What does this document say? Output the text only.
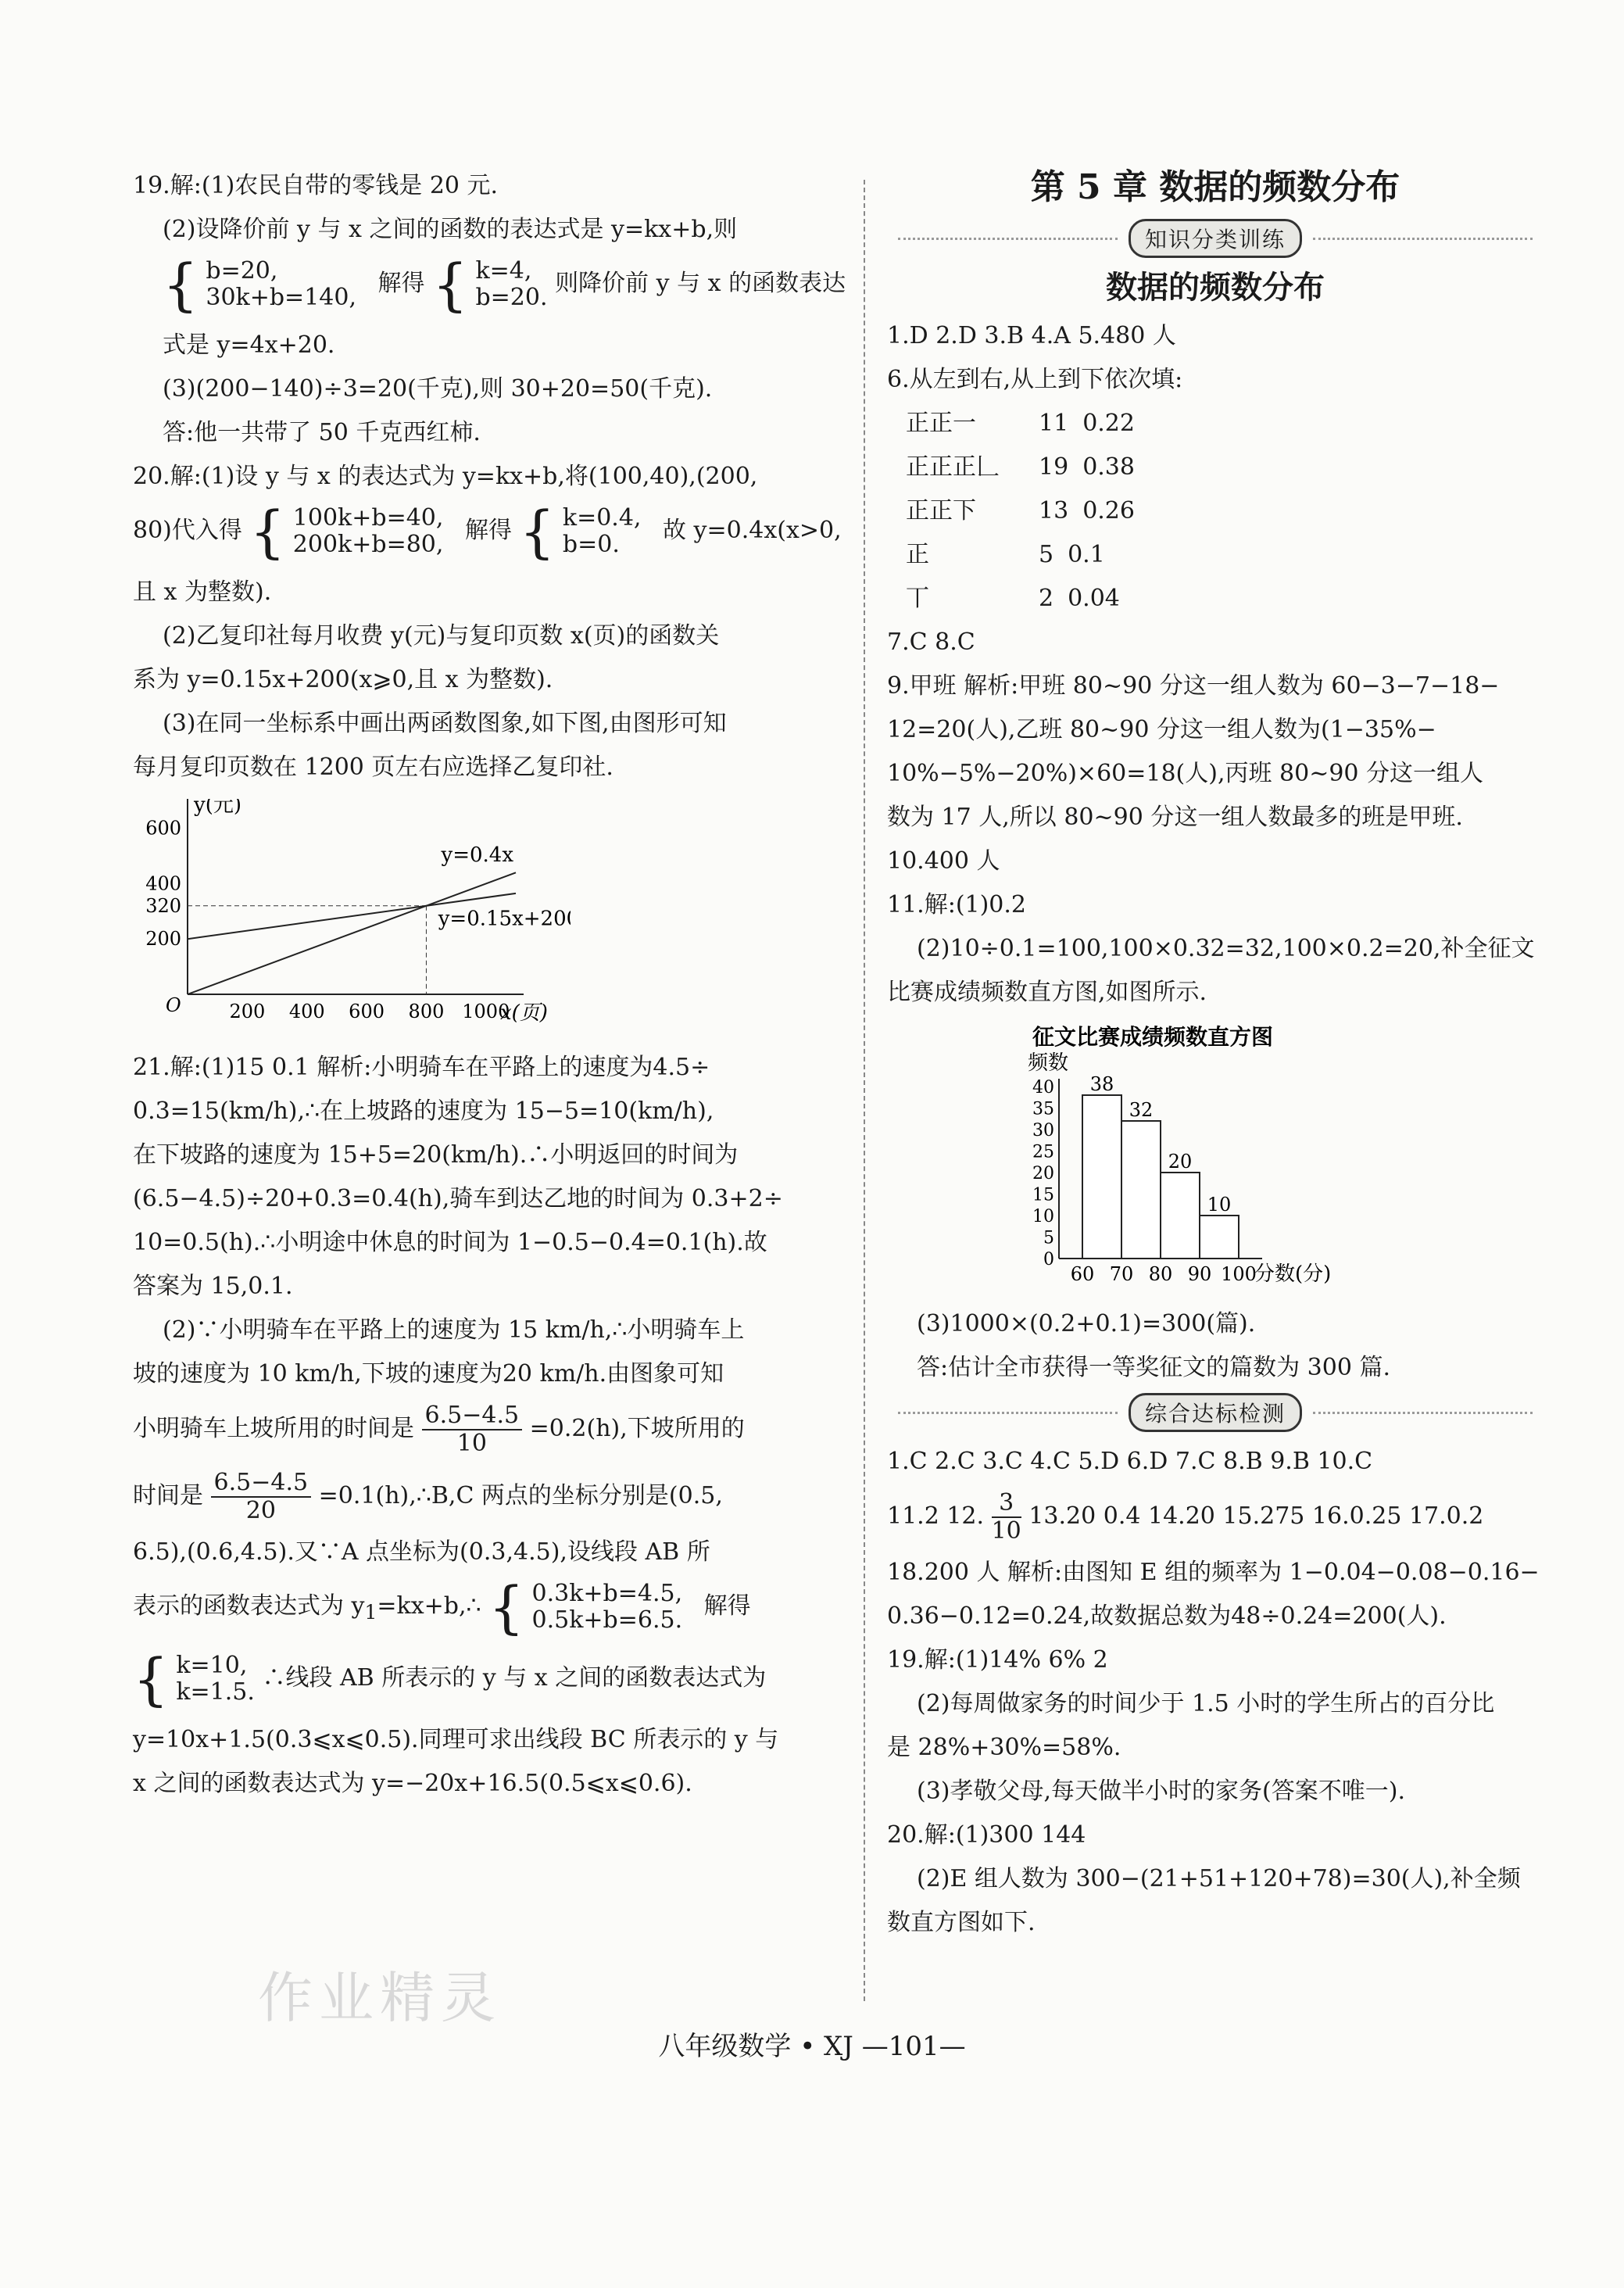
19.解:(1)农民自带的零钱是 20 元.

(2)设降价前 y 与 x 之间的函数的表达式是 y=kx+b,则

{ b=20,
30k+b=140, 解得 { k=4,
b=20. 则降价前 y 与 x 的函数表达

式是 y=4x+20.

(3)(200−140)÷3=20(千克),则 30+20=50(千克).

答:他一共带了 50 千克西红柿.

20.解:(1)设 y 与 x 的表达式为 y=kx+b,将(100,40),(200,

80)代入得 { 100k+b=40,
200k+b=80, 解得 { k=0.4,
b=0. 故 y=0.4x(x>0,

且 x 为整数).

(2)乙复印社每月收费 y(元)与复印页数 x(页)的函数关

系为 y=0.15x+200(x⩾0,且 x 为整数).

(3)在同一坐标系中画出两函数图象,如下图,由图形可知

每月复印页数在 1200 页左右应选择乙复印社.

y(元)
x(页)
O
600
400
320
200
200 400 600 800 1000
y=0.4x
y=0.15x+200

21.解:(1)15 0.1 解析:小明骑车在平路上的速度为4.5÷

0.3=15(km/h),∴在上坡路的速度为 15−5=10(km/h),

在下坡路的速度为 15+5=20(km/h).∴小明返回的时间为

(6.5−4.5)÷20+0.3=0.4(h),骑车到达乙地的时间为 0.3+2÷

10=0.5(h).∴小明途中休息的时间为 1−0.5−0.4=0.1(h).故

答案为 15,0.1.

(2)∵小明骑车在平路上的速度为 15 km/h,∴小明骑车上

坡的速度为 10 km/h,下坡的速度为20 km/h.由图象可知

小明骑车上坡所用的时间是 $\frac{6.5-4.5}{10} =0.2(h)$,下坡所用的
时间是 $\frac{6.5-4.5}{20}$ =0.1(h),∴B,C 两点的坐标分别是(0.5,

6.5),(0.6,4.5).又∵A 点坐标为(0.3,4.5),设线段 AB 所

表示的函数表达式为 $y_1=kx+b,\therefore$ { 0.3k+b=4.5,
0.5k+b=6.5. 解得
{ k=10,
k=1.5. ∴线段 AB 所表示的 y 与 x 之间的函数表达式为

y=10x+1.5(0.3⩽x⩽0.5).同理可求出线段 BC 所表示的 y 与

x 之间的函数表达式为 y=−20x+16.5(0.5⩽x⩽0.6).

第 5 章 数据的频数分布

知识分类训练

数据的频数分布

1.D 2.D 3.B 4.A 5.480 人

6.从左到右,从上到下依次填:

正正一	11 0.22

正正正𠃊 19 0.38

正正下	13 0.26

正	5 0.1

丅	2 0.04

7.C 8.C

9.甲班 解析:甲班 80~90 分这一组人数为 60−3−7−18−

12=20(人),乙班 80~90 分这一组人数为(1−35%−

10%−5%−20%)×60=18(人),丙班 80~90 分这一组人

数为 17 人,所以 80~90 分这一组人数最多的班是甲班.

10.400 人

11.解:(1)0.2

(2)10÷0.1=100,100×0.32=32,100×0.2=20,补全征文

比赛成绩频数直方图,如图所示.

征文比赛成绩频数直方图
频数
分数(分)
0
5
10
15
20
25
30
35
40
60 70 80 90 100
38
32
20
10

(3)1000×(0.2+0.1)=300(篇).

答:估计全市获得一等奖征文的篇数为 300 篇.

综合达标检测

1.C 2.C 3.C 4.C 5.D 6.D 7.C 8.B 9.B 10.C

11.2 12. $\frac{3}{10} 13.20$ 0.4 14.20 15.275 16.0.25 17.0.2

18.200 人 解析:由图知 E 组的频率为 1−0.04−0.08−0.16−

0.36−0.12=0.24,故数据总数为48÷0.24=200(人).

19.解:(1)14% 6% 2

(2)每周做家务的时间少于 1.5 小时的学生所占的百分比

是 28%+30%=58%.

(3)孝敬父母,每天做半小时的家务(答案不唯一).

20.解:(1)300 144

(2)E 组人数为 300−(21+51+120+78)=30(人),补全频

数直方图如下.

八年级数学 • XJ —101—
作业精灵
